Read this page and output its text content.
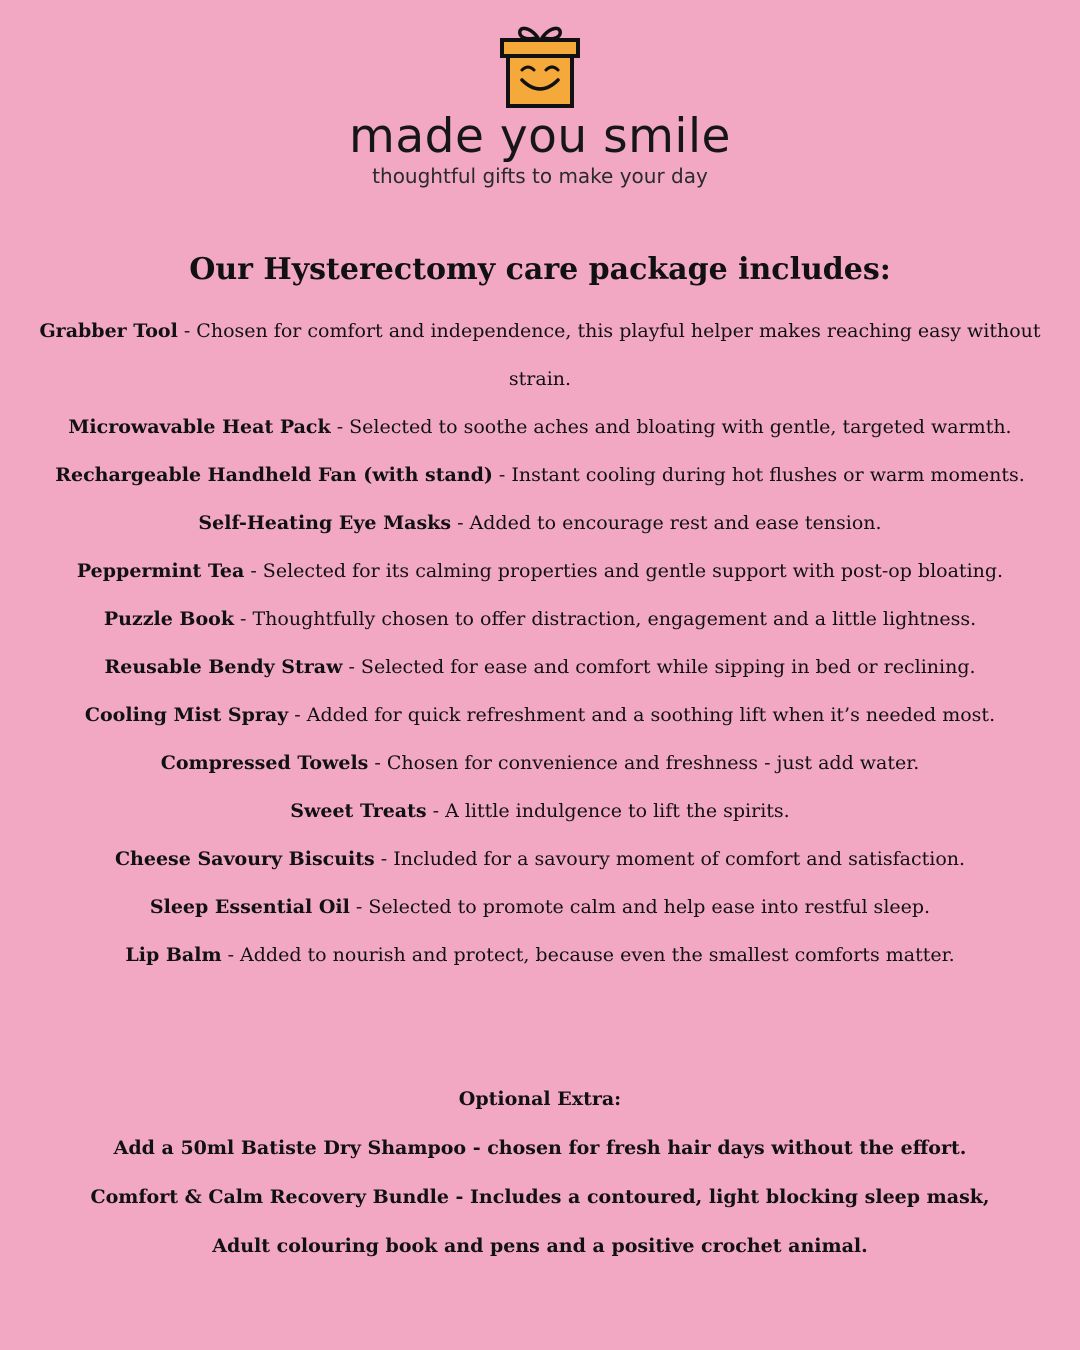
made you smile
thoughtful gifts to make your day
Our Hysterectomy care package includes:
Grabber Tool - Chosen for comfort and independence, this playful helper makes reaching easy without strain.
Microwavable Heat Pack - Selected to soothe aches and bloating with gentle, targeted warmth.
Rechargeable Handheld Fan (with stand) - Instant cooling during hot flushes or warm moments.
Self-Heating Eye Masks - Added to encourage rest and ease tension.
Peppermint Tea - Selected for its calming properties and gentle support with post-op bloating.
Puzzle Book - Thoughtfully chosen to offer distraction, engagement and a little lightness.
Reusable Bendy Straw - Selected for ease and comfort while sipping in bed or reclining.
Cooling Mist Spray - Added for quick refreshment and a soothing lift when it’s needed most.
Compressed Towels - Chosen for convenience and freshness - just add water.
Sweet Treats - A little indulgence to lift the spirits.
Cheese Savoury Biscuits - Included for a savoury moment of comfort and satisfaction.
Sleep Essential Oil - Selected to promote calm and help ease into restful sleep.
Lip Balm - Added to nourish and protect, because even the smallest comforts matter.
Optional Extra:
Add a 50ml Batiste Dry Shampoo - chosen for fresh hair days without the effort.
Comfort & Calm Recovery Bundle - Includes a contoured, light blocking sleep mask,
Adult colouring book and pens and a positive crochet animal.
